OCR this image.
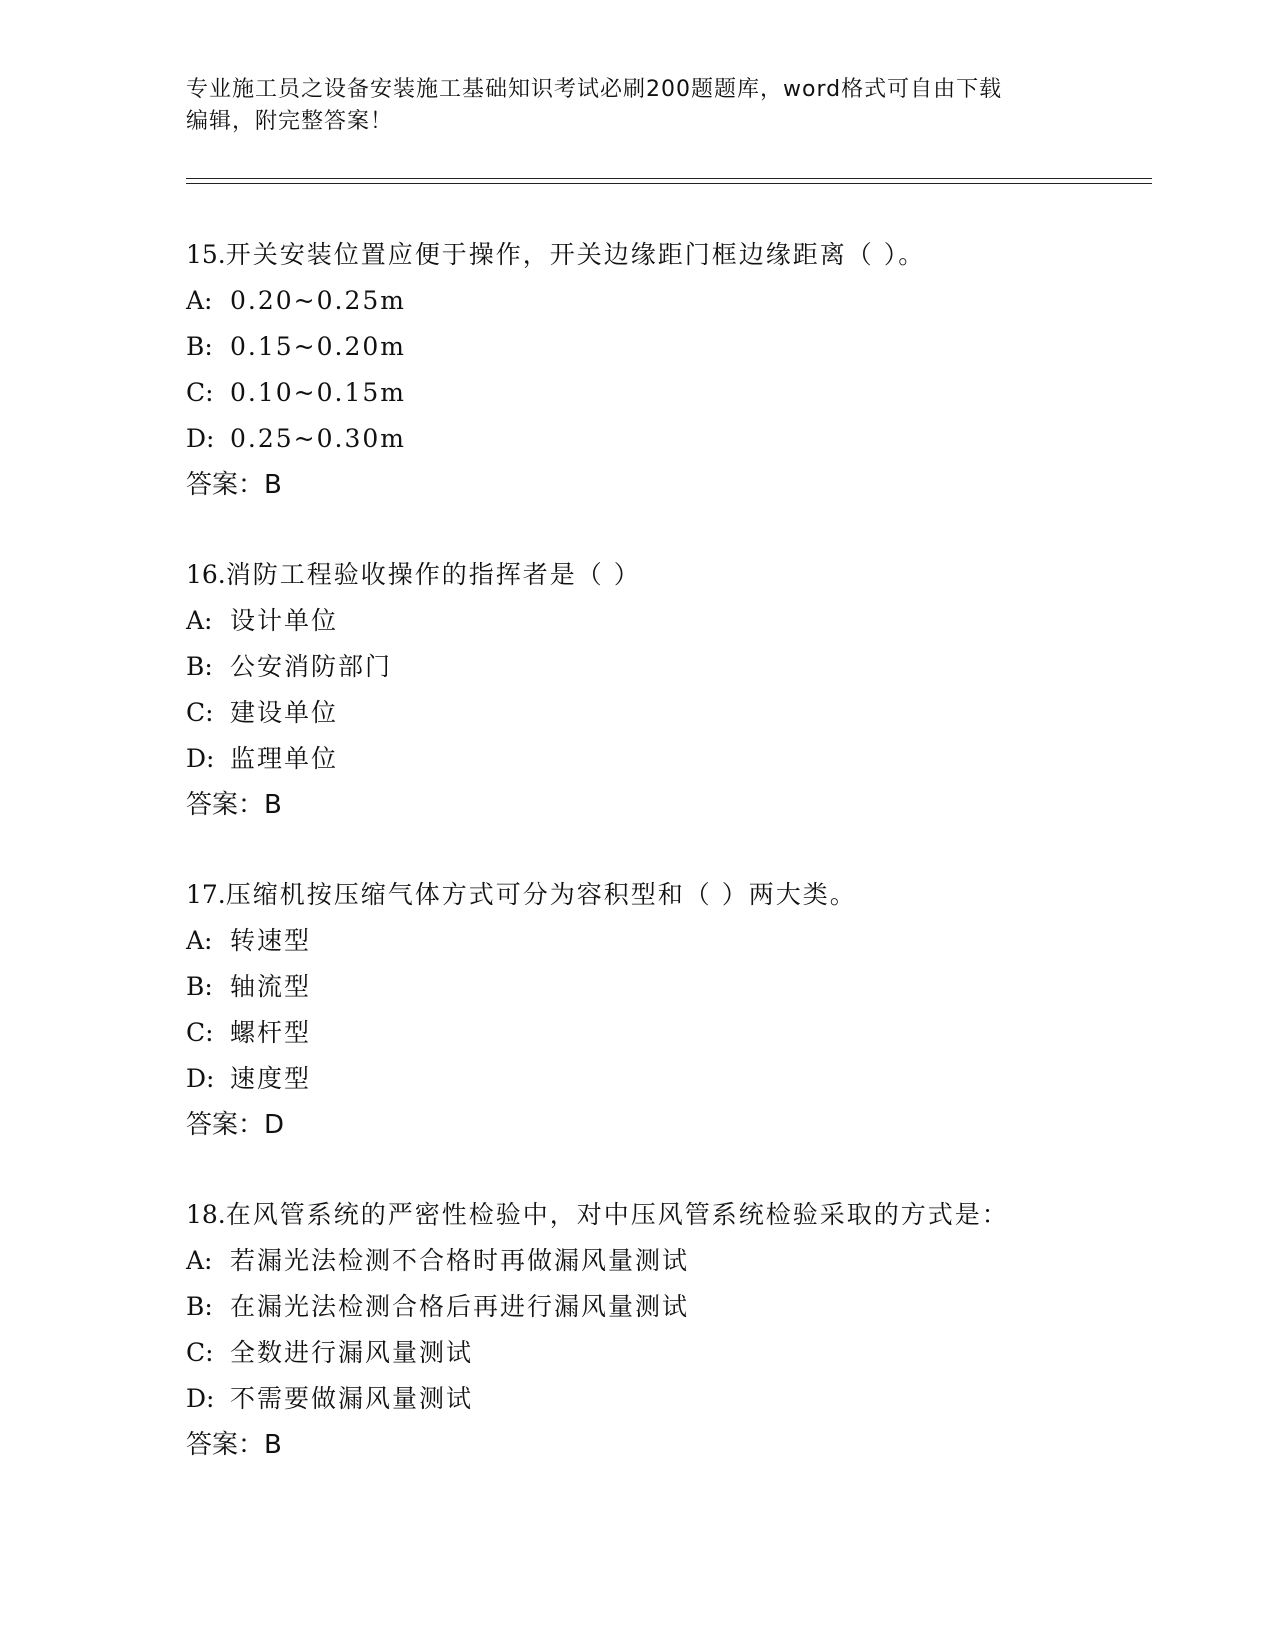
专业施工员之设备安装施工基础知识考试必刷200题题库，word格式可自由下载
编辑，附完整答案！
15.开关安装位置应便于操作，开关边缘距门框边缘距离（ ）。
A: 0.20~0.25m
B: 0.15~0.20m
C: 0.10~0.15m
D: 0.25~0.30m
答案：B
16.消防工程验收操作的指挥者是（ ）
A: 设计单位
B: 公安消防部门
C: 建设单位
D: 监理单位
答案：B
17.压缩机按压缩气体方式可分为容积型和（ ）两大类。
A: 转速型
B: 轴流型
C: 螺杆型
D: 速度型
答案：D
18.在风管系统的严密性检验中，对中压风管系统检验采取的方式是：
A: 若漏光法检测不合格时再做漏风量测试
B: 在漏光法检测合格后再进行漏风量测试
C: 全数进行漏风量测试
D: 不需要做漏风量测试
答案：B
